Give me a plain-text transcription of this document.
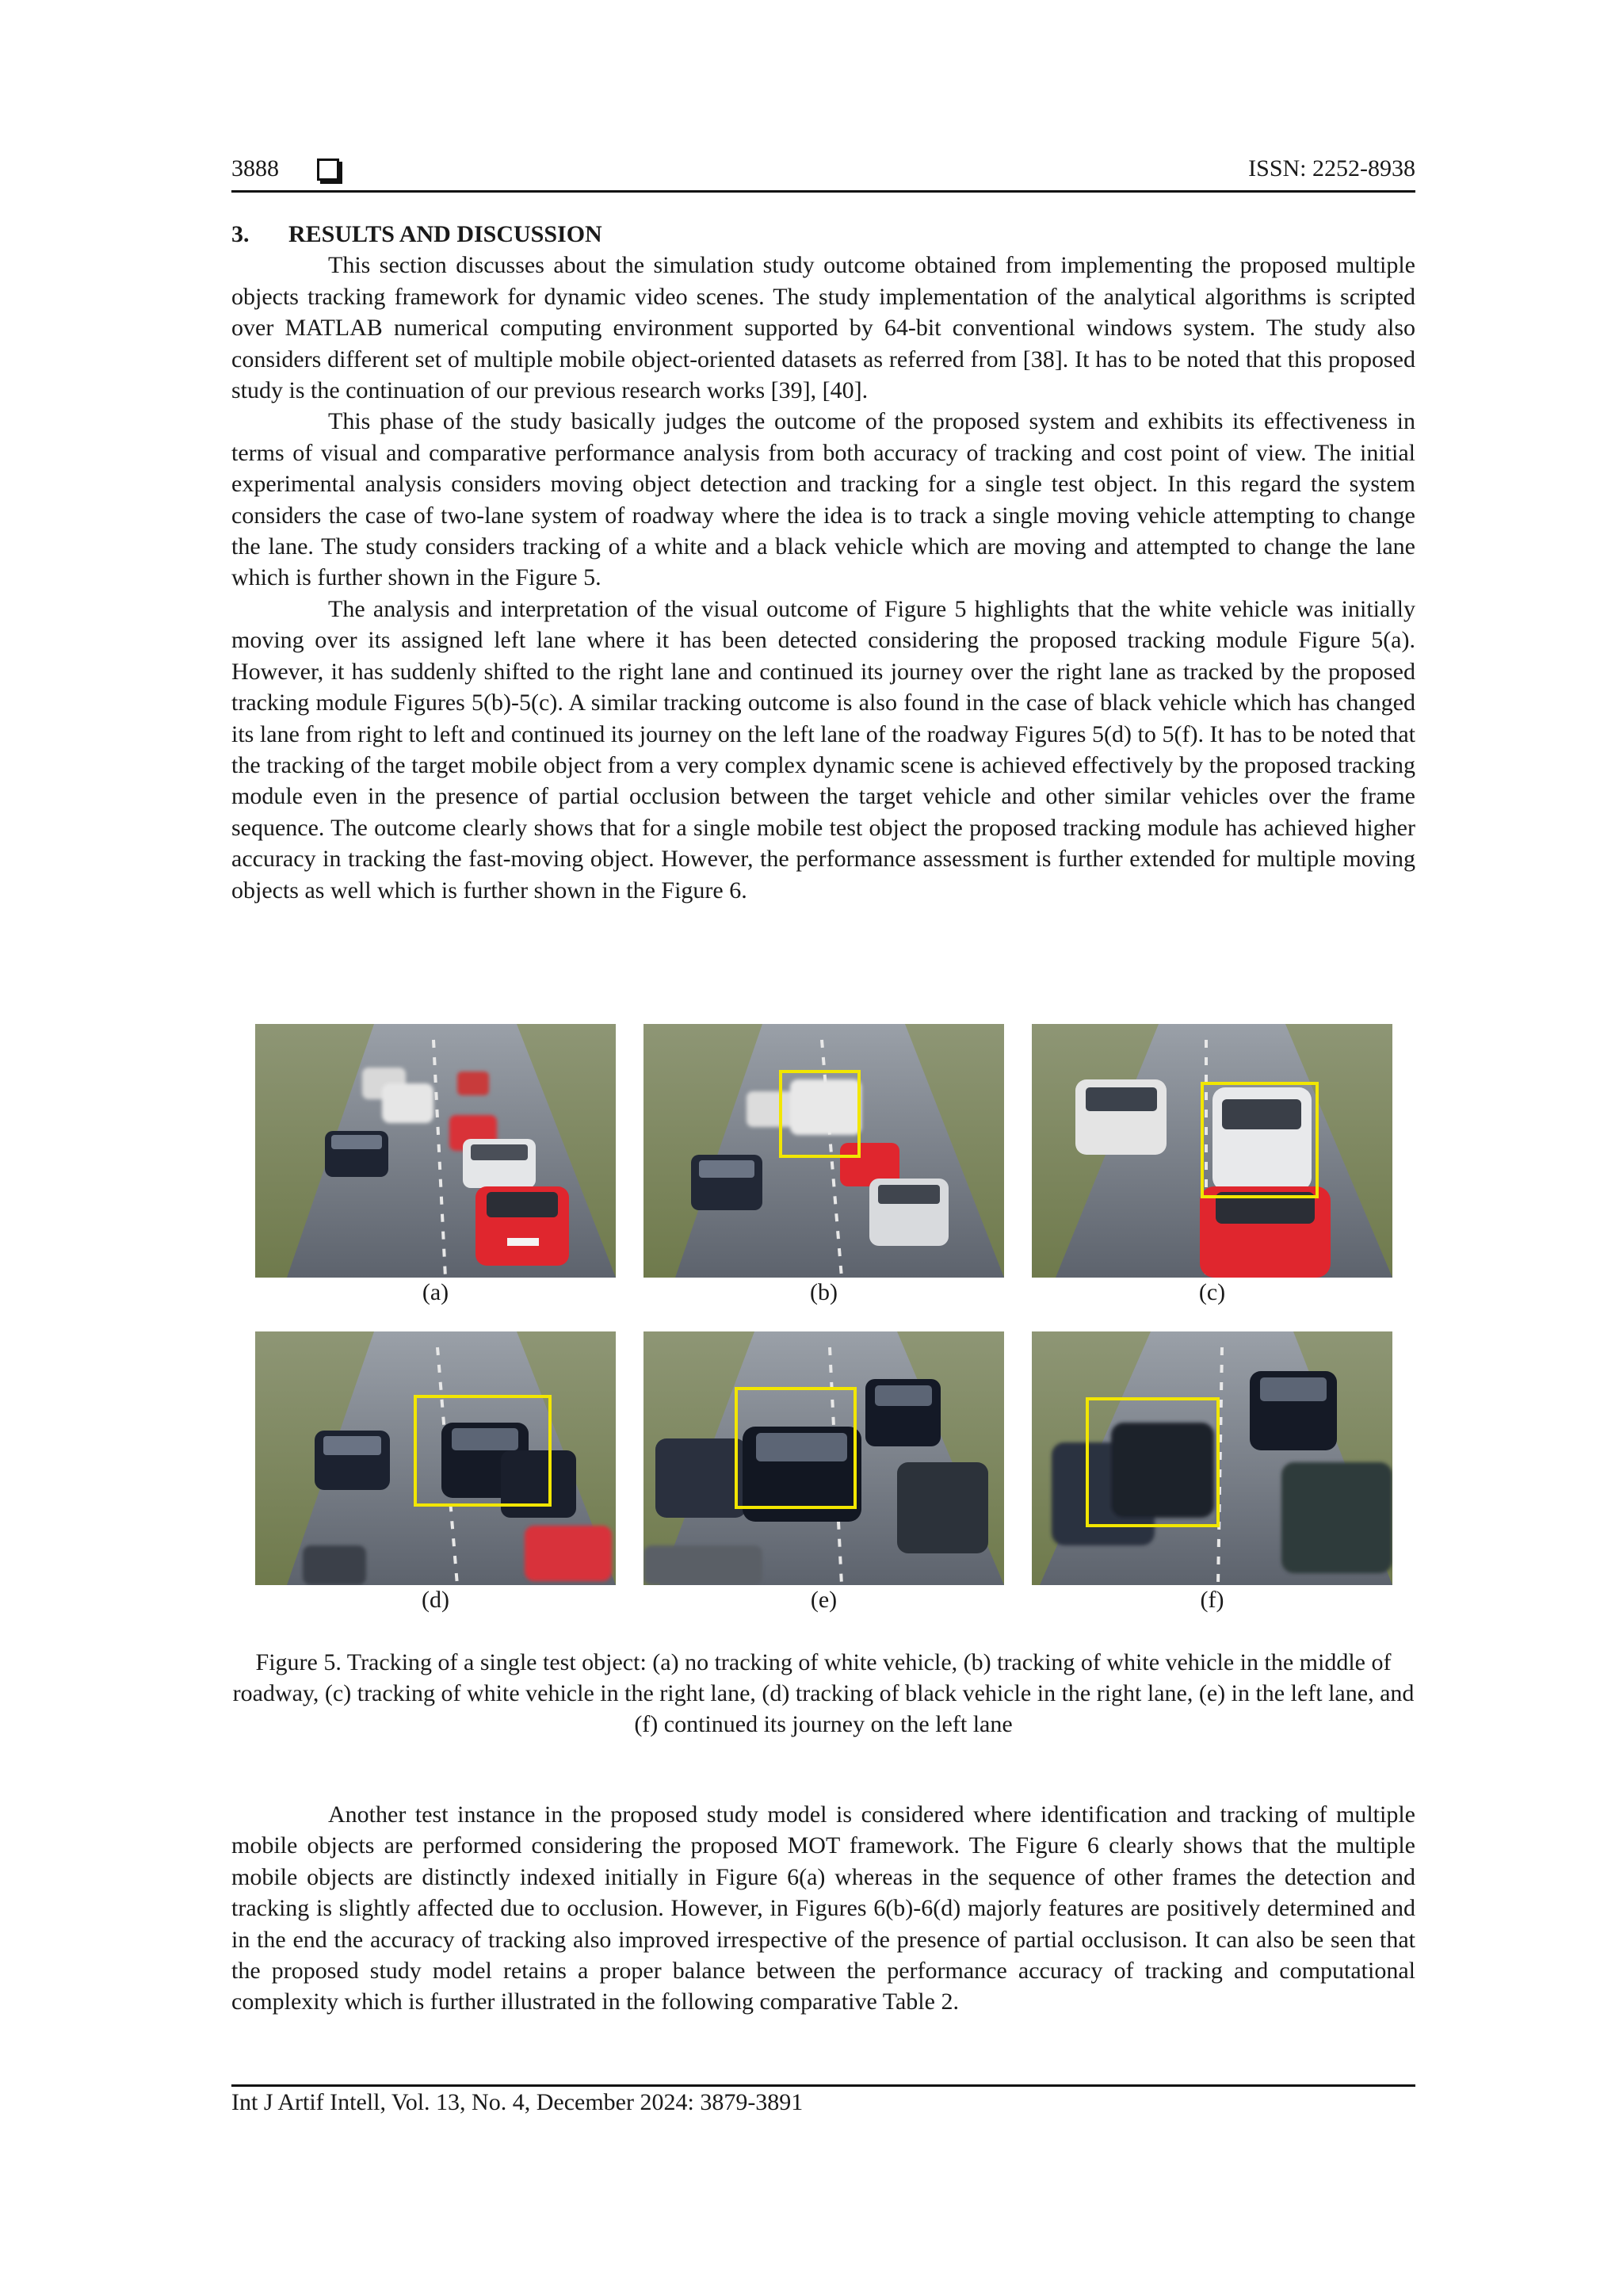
3888	ISSN: 2252-8938
3. RESULTS AND DISCUSSION

This section discusses about the simulation study outcome obtained from implementing the proposed multiple objects tracking framework for dynamic video scenes. The study implementation of the analytical algorithms is scripted over MATLAB numerical computing environment supported by 64-bit conventional windows system. The study also considers different set of multiple mobile object-oriented datasets as referred from [38]. It has to be noted that this proposed study is the continuation of our previous research works [39], [40].

This phase of the study basically judges the outcome of the proposed system and exhibits its effectiveness in terms of visual and comparative performance analysis from both accuracy of tracking and cost point of view. The initial experimental analysis considers moving object detection and tracking for a single test object. In this regard the system considers the case of two-lane system of roadway where the idea is to track a single moving vehicle attempting to change the lane. The study considers tracking of a white and a black vehicle which are moving and attempted to change the lane which is further shown in the Figure 5.

The analysis and interpretation of the visual outcome of Figure 5 highlights that the white vehicle was initially moving over its assigned left lane where it has been detected considering the proposed tracking module Figure 5(a). However, it has suddenly shifted to the right lane and continued its journey over the right lane as tracked by the proposed tracking module Figures 5(b)-5(c). A similar tracking outcome is also found in the case of black vehicle which has changed its lane from right to left and continued its journey on the left lane of the roadway Figures 5(d) to 5(f). It has to be noted that the tracking of the target mobile object from a very complex dynamic scene is achieved effectively by the proposed tracking module even in the presence of partial occlusion between the target vehicle and other similar vehicles over the frame sequence. The outcome clearly shows that for a single mobile test object the proposed tracking module has achieved higher accuracy in tracking the fast-moving object. However, the performance assessment is further extended for multiple moving objects as well which is further shown in the Figure 6.

(a)	(b)	(c)
(d)	(e)	(f)
Figure 5. Tracking of a single test object: (a) no tracking of white vehicle, (b) tracking of white vehicle in the middle of roadway, (c) tracking of white vehicle in the right lane, (d) tracking of black vehicle in the right lane, (e) in the left lane, and (f) continued its journey on the left lane

Another test instance in the proposed study model is considered where identification and tracking of multiple mobile objects are performed considering the proposed MOT framework. The Figure 6 clearly shows that the multiple mobile objects are distinctly indexed initially in Figure 6(a) whereas in the sequence of other frames the detection and tracking is slightly affected due to occlusion. However, in Figures 6(b)-6(d) majorly features are positively determined and in the end the accuracy of tracking also improved irrespective of the presence of partial occlusison. It can also be seen that the proposed study model retains a proper balance between the performance accuracy of tracking and computational complexity which is further illustrated in the following comparative Table 2.

Int J Artif Intell, Vol. 13, No. 4, December 2024: 3879-3891
